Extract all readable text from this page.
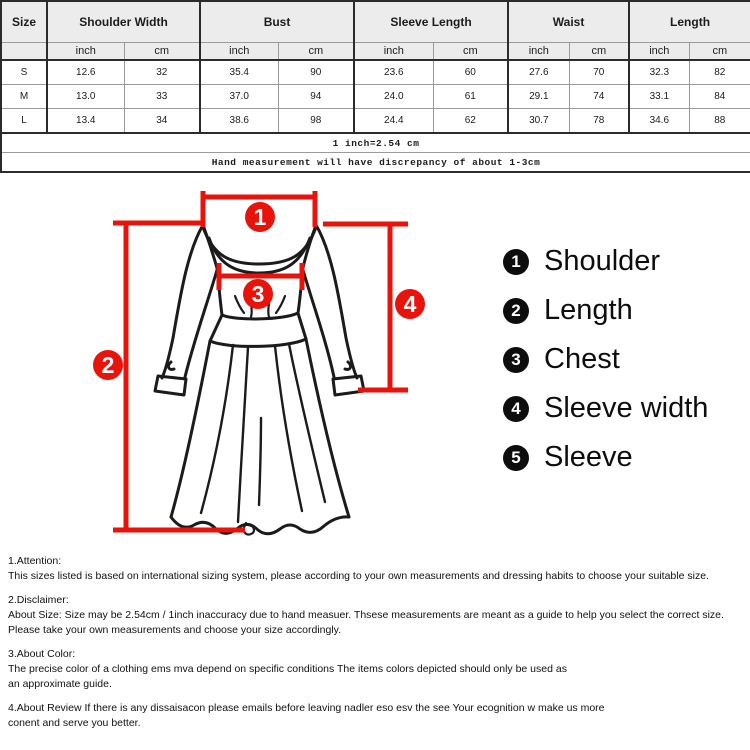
Size	Shoulder Width		Bust		Sleeve Length		Waist		Length	
	inch	cm	inch	cm	inch	cm	inch	cm	inch	cm
S	12.6	32	35.4	90	23.6	60	27.6	70	32.3	82
M	13.0	33	37.0	94	24.0	61	29.1	74	33.1	84
L	13.4	34	38.6	98	24.4	62	30.7	78	34.6	88
1 inch=2.54 cm										
Hand measurement will have discrepancy of about 1-3cm										
1
2
3	4
1 Shoulder
2 Length
3 Chest
4 Sleeve width
5 Sleeve
1.Attention:
This sizes listed is based on international sizing system, please according to your own measurements and dressing habits to choose your suitable size.
2.Disclaimer:
About Size: Size may be 2.54cm / 1inch inaccuracy due to hand measuer. Thsese measurements are meant as a guide to help you select the correct size.
Please take your own measurements and choose your size accordingly.
3.About Color:
The precise color of a clothing ems mva depend on specific conditions The items colors depicted should only be used as
an approximate guide.
4.About Review If there is any dissaisacon please emails before leaving nadler eso esv the see Your ecognition w make us more
conent and serve you better.
